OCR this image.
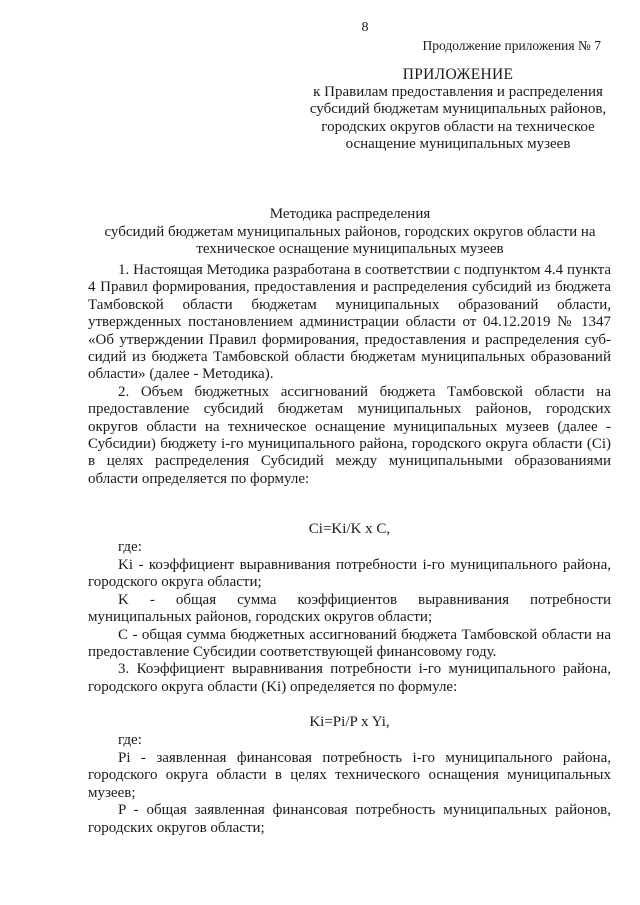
8
Продолжение приложения № 7
ПРИЛОЖЕНИЕ
к Правилам предоставления и распределения
субсидий бюджетам муниципальных районов,
городских округов области на техническое
оснащение муниципальных музеев
Методика распределения
субсидий бюджетам муниципальных районов, городских округов области на
техническое оснащение муниципальных музеев

1. Настоящая Методика разработана в соответствии с подпунктом 4.4 пункта 4 Правил формирования, предоставления и распределения субсидий из бюджета Тамбовской области бюджетам муниципальных образований области, утвержденных постановлением администрации области от 04.12.2019 № 1347 «Об утверждении Правил формирования, предоставления и распределения суб-сидий из бюджета Тамбовской области бюджетам муниципальных образований области» (далее - Методика).

2. Объем бюджетных ассигнований бюджета Тамбовской области на предоставление субсидий бюджетам муниципальных районов, городских округов области на техническое оснащение муниципальных музеев (далее - Субсидии) бюджету i-го муниципального района, городского округа области (Ci) в целях распределения Субсидий между муниципальными образованиями области определяется по формуле:

Ci=Ki/K x C,
где:

Ki - коэффициент выравнивания потребности i-го муниципального района, городского округа области;

K - общая сумма коэффициентов выравнивания потребности муниципальных районов, городских округов области;

C - общая сумма бюджетных ассигнований бюджета Тамбовской области на предоставление Субсидии соответствующей финансовому году.

3. Коэффициент выравнивания потребности i-го муниципального района, городского округа области (Ki) определяется по формуле:

Ki=Pi/P x Yi,
где:

Pi - заявленная финансовая потребность i-го муниципального района, городского округа области в целях технического оснащения муниципальных музеев;

P - общая заявленная финансовая потребность муниципальных районов, городских округов области;
